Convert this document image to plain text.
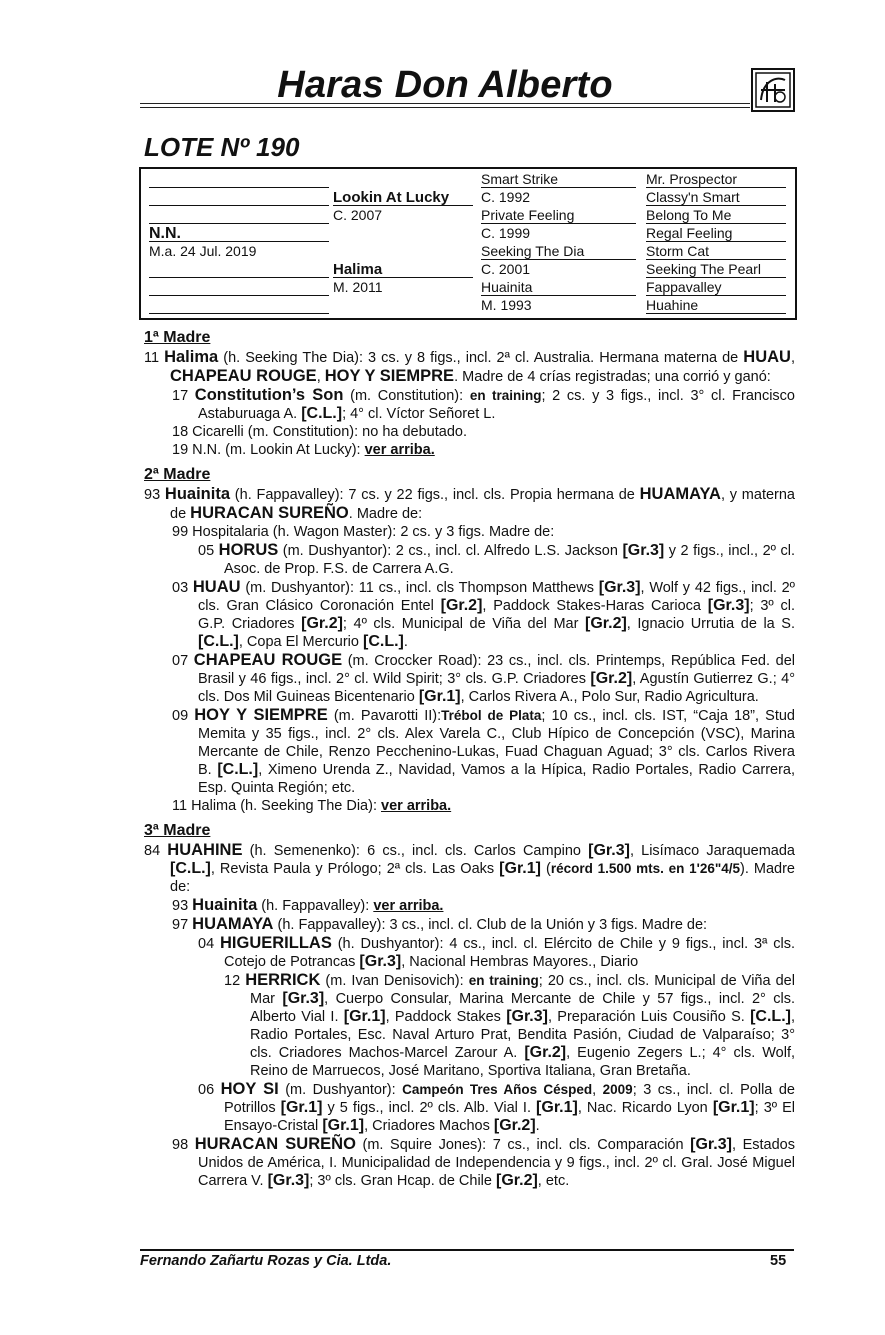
Haras Don Alberto
LOTE Nº 190
N.N.
M.a. 24 Jul. 2019
Lookin At Lucky
C. 2007
Halima
M. 2011
Smart Strike
C. 1992
Private Feeling
C. 1999
Seeking The Dia
C. 2001
Huainita
M. 1993
Mr. Prospector
Classy'n Smart
Belong To Me
Regal Feeling
Storm Cat
Seeking The Pearl
Fappavalley
Huahine
1ª Madre

11 Halima (h. Seeking The Dia): 3 cs. y 8 figs., incl. 2ª cl. Australia. Hermana materna de HUAU, CHAPEAU ROUGE, HOY Y SIEMPRE. Madre de 4 crías registradas; una corrió y ganó:

17 Constitution’s Son (m. Constitution): en training; 2 cs. y 3 figs., incl. 3° cl. Francisco Astaburuaga A. [C.L.]; 4° cl. Víctor Señoret L.

18 Cicarelli (m. Constitution): no ha debutado.

19 N.N. (m. Lookin At Lucky): ver arriba.

2ª Madre

93 Huainita (h. Fappavalley): 7 cs. y 22 figs., incl. cls. Propia hermana de HUAMAYA, y materna de HURACAN SUREÑO. Madre de:

99 Hospitalaria (h. Wagon Master): 2 cs. y 3 figs. Madre de:

05 HORUS (m. Dushyantor): 2 cs., incl. cl. Alfredo L.S. Jackson [Gr.3] y 2 figs., incl., 2º cl. Asoc. de Prop. F.S. de Carrera A.G.

03 HUAU (m. Dushyantor): 11 cs., incl. cls Thompson Matthews [Gr.3], Wolf y 42 figs., incl. 2º cls. Gran Clásico Coronación Entel [Gr.2], Paddock Stakes-Haras Carioca [Gr.3]; 3º cl. G.P. Criadores [Gr.2]; 4º cls. Municipal de Viña del Mar [Gr.2], Ignacio Urrutia de la S. [C.L.], Copa El Mercurio [C.L.].

07 CHAPEAU ROUGE (m. Croccker Road): 23 cs., incl. cls. Printemps, República Fed. del Brasil y 46 figs., incl. 2° cl. Wild Spirit; 3° cls. G.P. Criadores [Gr.2], Agustín Gutierrez G.; 4° cls. Dos Mil Guineas Bicentenario [Gr.1], Carlos Rivera A., Polo Sur, Radio Agricultura.

09 HOY Y SIEMPRE (m. Pavarotti II):Trébol de Plata; 10 cs., incl. cls. IST, “Caja 18”, Stud Memita y 35 figs., incl. 2° cls. Alex Varela C., Club Hípico de Concepción (VSC), Marina Mercante de Chile, Renzo Pecchenino-Lukas, Fuad Chaguan Aguad; 3° cls. Carlos Rivera B. [C.L.], Ximeno Urenda Z., Navidad, Vamos a la Hípica, Radio Portales, Radio Carrera, Esp. Quinta Región; etc.

11 Halima (h. Seeking The Dia): ver arriba.

3ª Madre

84 HUAHINE (h. Semenenko): 6 cs., incl. cls. Carlos Campino [Gr.3], Lisímaco Jaraquemada [C.L.], Revista Paula y Prólogo; 2ª cls. Las Oaks [Gr.1] (récord 1.500 mts. en 1'26"4/5). Madre de:

93 Huainita (h. Fappavalley): ver arriba.

97 HUAMAYA (h. Fappavalley): 3 cs., incl. cl. Club de la Unión y 3 figs. Madre de:

04 HIGUERILLAS (h. Dushyantor): 4 cs., incl. cl. Elército de Chile y 9 figs., incl. 3ª cls. Cotejo de Potrancas [Gr.3], Nacional Hembras Mayores., Diario

12 HERRICK (m. Ivan Denisovich): en training; 20 cs., incl. cls. Municipal de Viña del Mar [Gr.3], Cuerpo Consular, Marina Mercante de Chile y 57 figs., incl. 2° cls. Alberto Vial I. [Gr.1], Paddock Stakes [Gr.3], Preparación Luis Cousiño S. [C.L.], Radio Portales, Esc. Naval Arturo Prat, Bendita Pasión, Ciudad de Valparaíso; 3° cls. Criadores Machos-Marcel Zarour A. [Gr.2], Eugenio Zegers L.; 4° cls. Wolf, Reino de Marruecos, José Maritano, Sportiva Italiana, Gran Bretaña.

06 HOY SI (m. Dushyantor): Campeón Tres Años Césped, 2009; 3 cs., incl. cl. Polla de Potrillos [Gr.1] y 5 figs., incl. 2º cls. Alb. Vial I. [Gr.1], Nac. Ricardo Lyon [Gr.1]; 3º El Ensayo-Cristal [Gr.1], Criadores Machos [Gr.2].

98 HURACAN SUREÑO (m. Squire Jones): 7 cs., incl. cls. Comparación [Gr.3], Estados Unidos de América, I. Municipalidad de Independencia y 9 figs., incl. 2º cl. Gral. José Miguel Carrera V. [Gr.3]; 3º cls. Gran Hcap. de Chile [Gr.2], etc.

Fernando Zañartu Rozas y Cia. Ltda.	55
